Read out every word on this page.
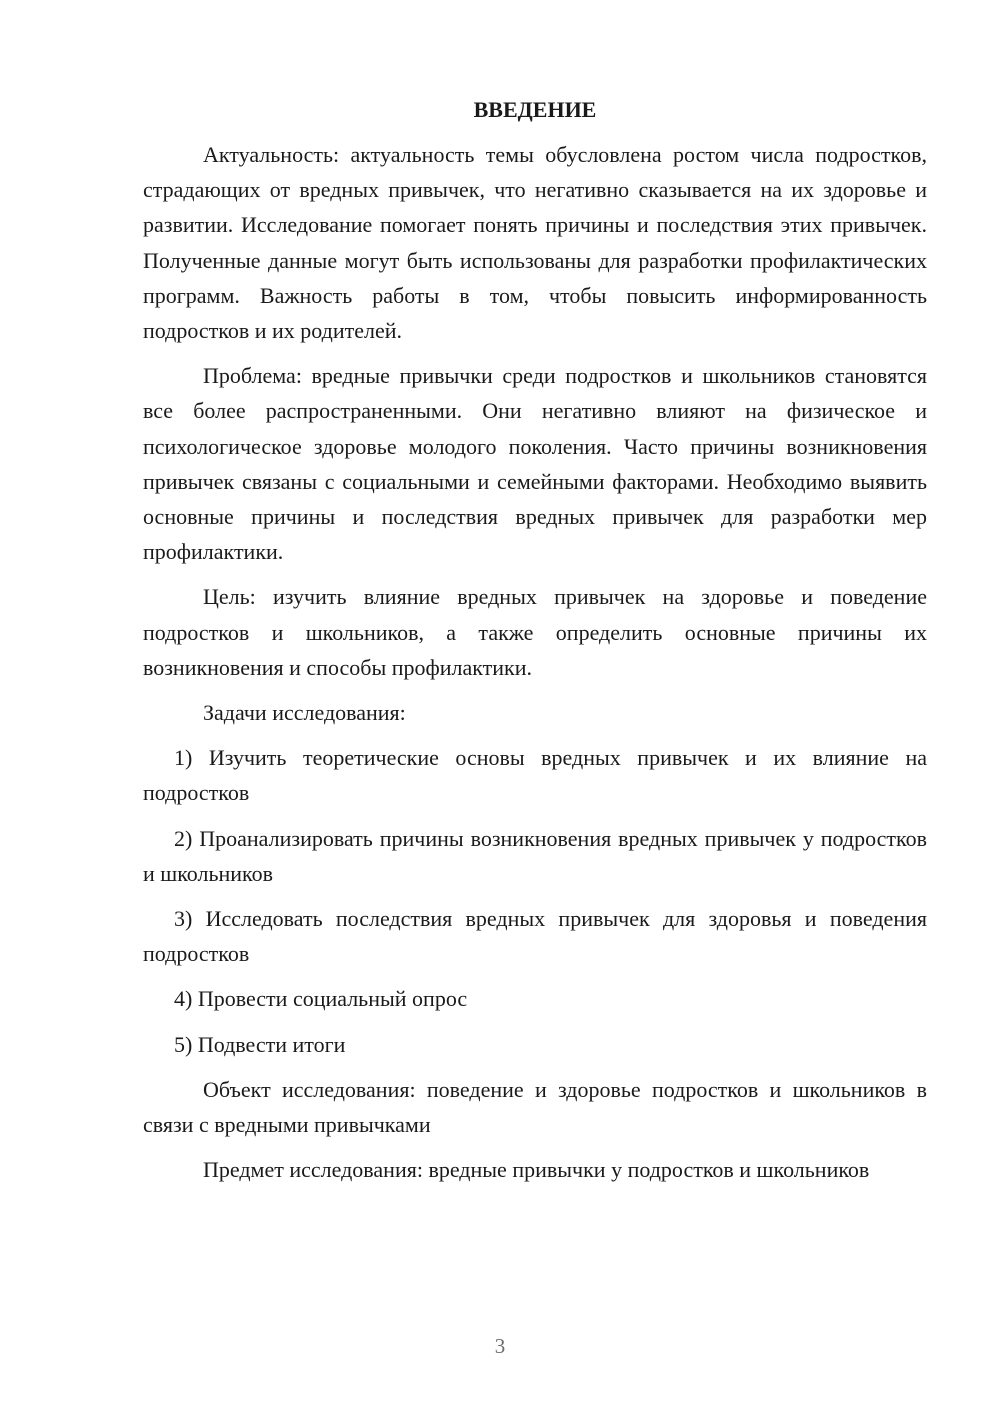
ВВЕДЕНИЕ

Актуальность: актуальность темы обусловлена ростом числа подростков, страдающих от вредных привычек, что негативно сказывается на их здоровье и развитии. Исследование помогает понять причины и последствия этих привычек. Полученные данные могут быть использованы для разработки профилактических программ. Важность работы в том, чтобы повысить информированность подростков и их родителей.

Проблема: вредные привычки среди подростков и школьников становятся все более распространенными. Они негативно влияют на физическое и психологическое здоровье молодого поколения. Часто причины возникновения привычек связаны с социальными и семейными факторами. Необходимо выявить основные причины и последствия вредных привычек для разработки мер профилактики.

Цель: изучить влияние вредных привычек на здоровье и поведение подростков и школьников, а также определить основные причины их возникновения и способы профилактики.

Задачи исследования:

1) Изучить теоретические основы вредных привычек и их влияние на подростков

2) Проанализировать причины возникновения вредных привычек у подростков и школьников

3) Исследовать последствия вредных привычек для здоровья и поведения подростков

4) Провести социальный опрос

5) Подвести итоги

Объект исследования: поведение и здоровье подростков и школьников в связи с вредными привычками

Предмет исследования: вредные привычки у подростков и школьников

3
